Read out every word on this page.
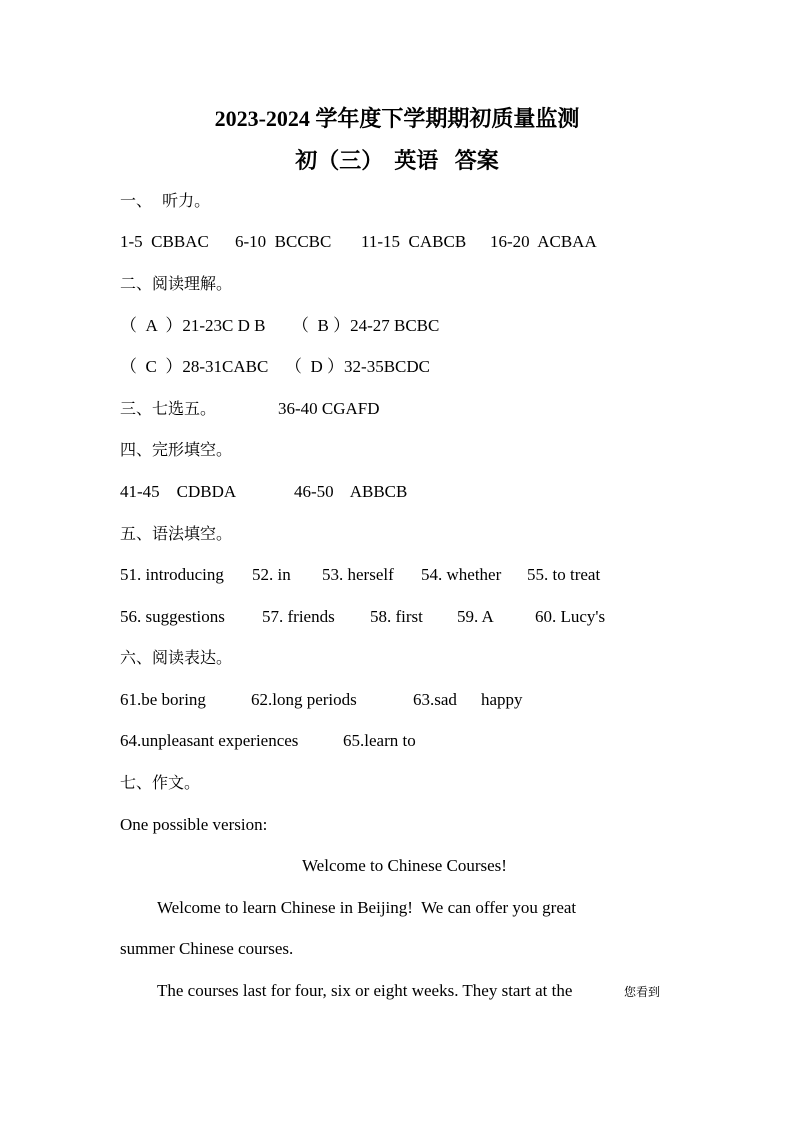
2023-2024 学年度下学期期初质量监测
初（三）  英语   答案
一、  听力。
1-5  CBBAC 6-10  BCCBC 11-15  CABCB 16-20  ACBAA
二、阅读理解。
（  A  ）21-23C D B （  B ）24-27 BCBC
（  C  ）28-31CABC （  D ）32-35BCDC
三、七选五。	36-40 CGAFD
四、完形填空。
41-45    CDBDA	46-50    ABBCB
五、语法填空。
51. introducing 52. in 53. herself 54. whether 55. to treat
56. suggestions 57. friends 58. first 59. A 60. Lucy's
六、阅读表达。
61.be boring	62.long periods	63.sad happy
64.unpleasant experiences	65.learn to
七、作文。
One possible version:
Welcome to Chinese Courses!
Welcome to learn Chinese in Beijing!  We can offer you great
summer Chinese courses.
The courses last for four, six or eight weeks. They start at the	您看到
